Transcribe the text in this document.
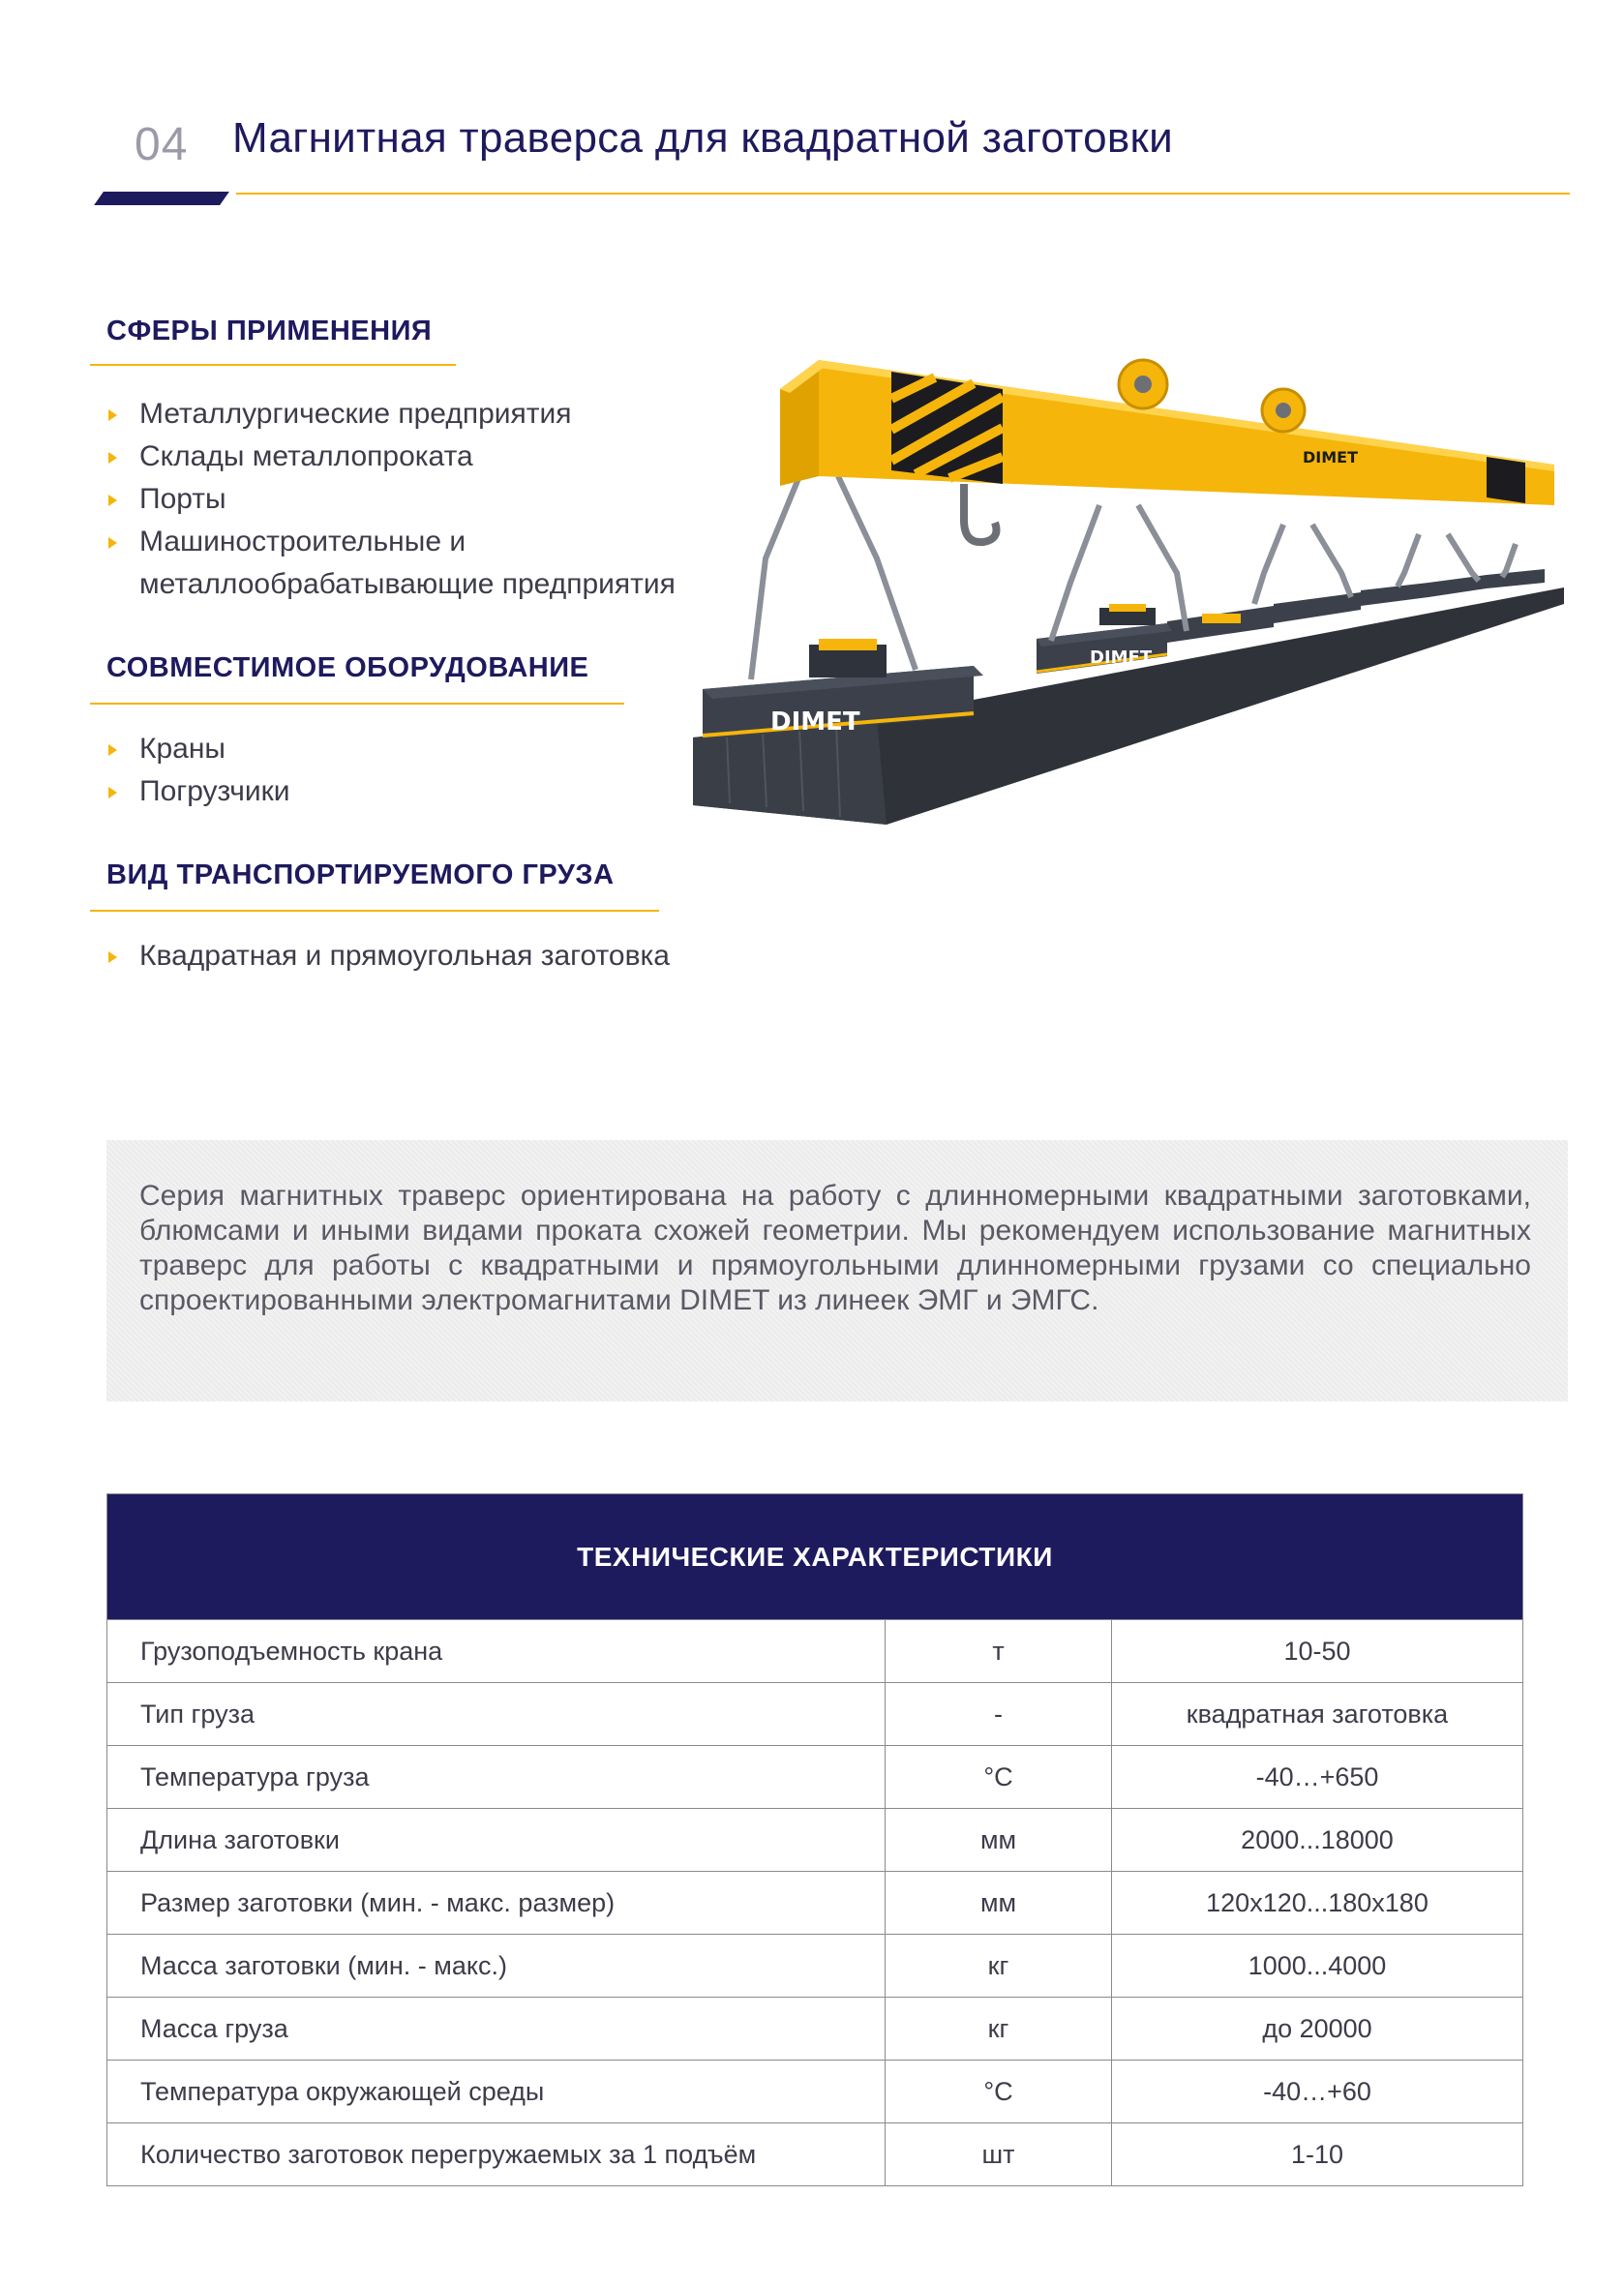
04 Магнитная траверса для квадратной заготовки
СФЕРЫ ПРИМЕНЕНИЯ
Металлургические предприятия
Склады металлопроката
Порты
Машиностроительные и металлообрабатывающие предприятия
СОВМЕСТИМОЕ ОБОРУДОВАНИЕ
Краны
Погрузчики
ВИД ТРАНСПОРТИРУЕМОГО ГРУЗА
Квадратная и прямоугольная заготовка
DIMET
DIMET
DIMET
Серия магнитных траверс ориентирована на работу с длинномерными квадратными заготовками, блюмсами и иными видами проката схожей геометрии. Мы рекомендуем использование магнитных траверс для работы с квадратными и прямоугольными длинномерными грузами со специально спроектированными электромагнитами DIMET из линеек ЭМГ и ЭМГС.
ТЕХНИЧЕСКИЕ ХАРАКТЕРИСТИКИ		
Грузоподъемность крана	т	10-50
Тип груза	-	квадратная заготовка
Температура груза	°С	-40…+650
Длина заготовки	мм	2000...18000
Размер заготовки (мин. - макс. размер)	мм	120х120...180х180
Масса заготовки (мин. - макс.)	кг	1000...4000
Масса груза	кг	до 20000
Температура окружающей среды	°С	-40…+60
Количество заготовок перегружаемых за 1 подъём	шт	1-10
